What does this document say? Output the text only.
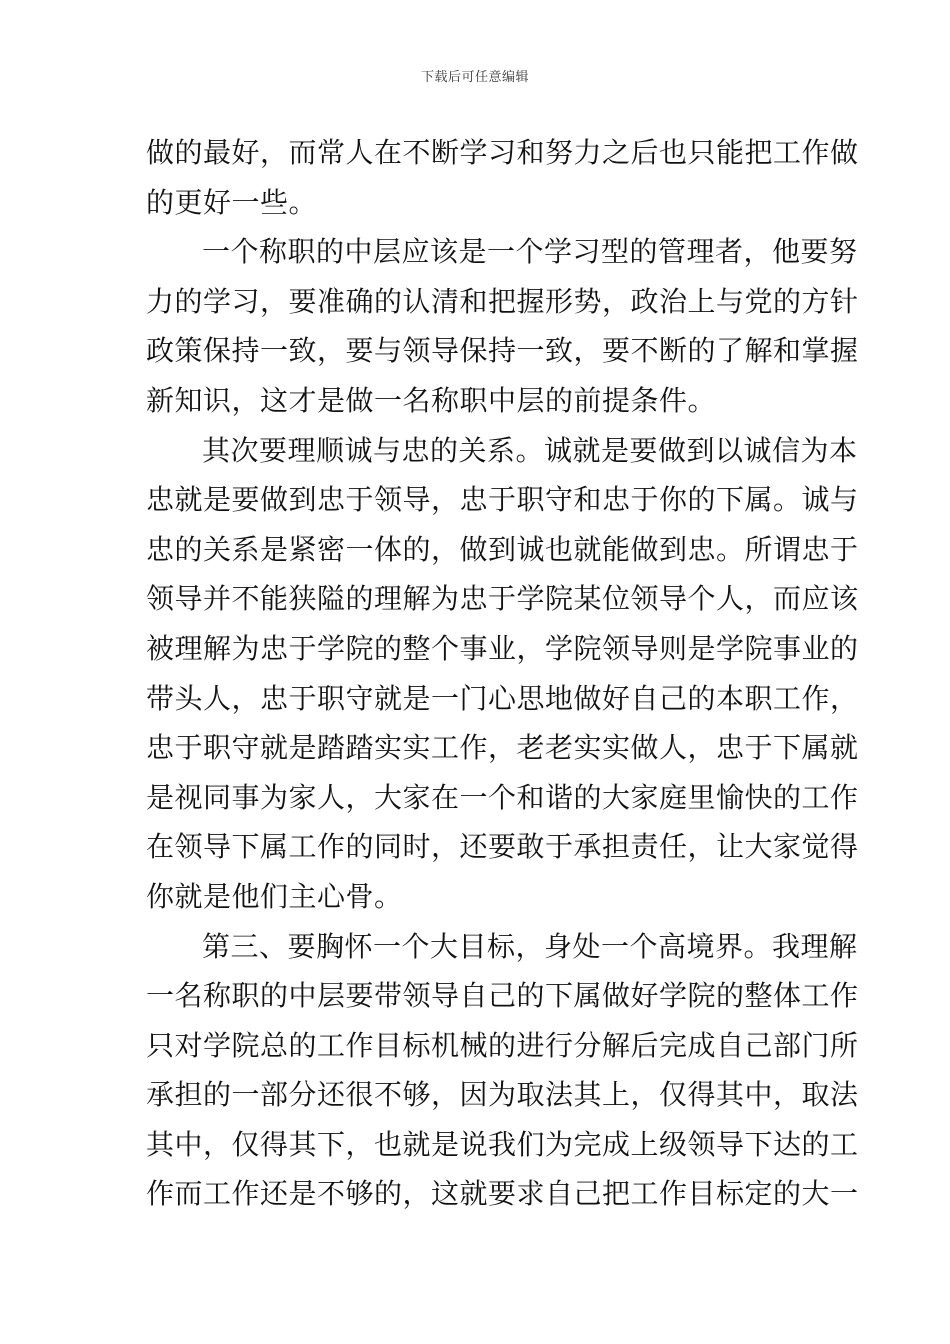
下载后可任意编辑
做的最好，而常人在不断学习和努力之后也只能把工作做
的更好一些。
一个称职的中层应该是一个学习型的管理者，他要努
力的学习，要准确的认清和把握形势，政治上与党的方针
政策保持一致，要与领导保持一致，要不断的了解和掌握
新知识，这才是做一名称职中层的前提条件。
其次要理顺诚与忠的关系。诚就是要做到以诚信为本
忠就是要做到忠于领导，忠于职守和忠于你的下属。诚与
忠的关系是紧密一体的，做到诚也就能做到忠。所谓忠于
领导并不能狭隘的理解为忠于学院某位领导个人，而应该
被理解为忠于学院的整个事业，学院领导则是学院事业的
带头人，忠于职守就是一门心思地做好自己的本职工作，
忠于职守就是踏踏实实工作，老老实实做人，忠于下属就
是视同事为家人，大家在一个和谐的大家庭里愉快的工作
在领导下属工作的同时，还要敢于承担责任，让大家觉得
你就是他们主心骨。
第三、要胸怀一个大目标，身处一个高境界。我理解
一名称职的中层要带领导自己的下属做好学院的整体工作
只对学院总的工作目标机械的进行分解后完成自己部门所
承担的一部分还很不够，因为取法其上，仅得其中，取法
其中，仅得其下，也就是说我们为完成上级领导下达的工
作而工作还是不够的，这就要求自己把工作目标定的大一
